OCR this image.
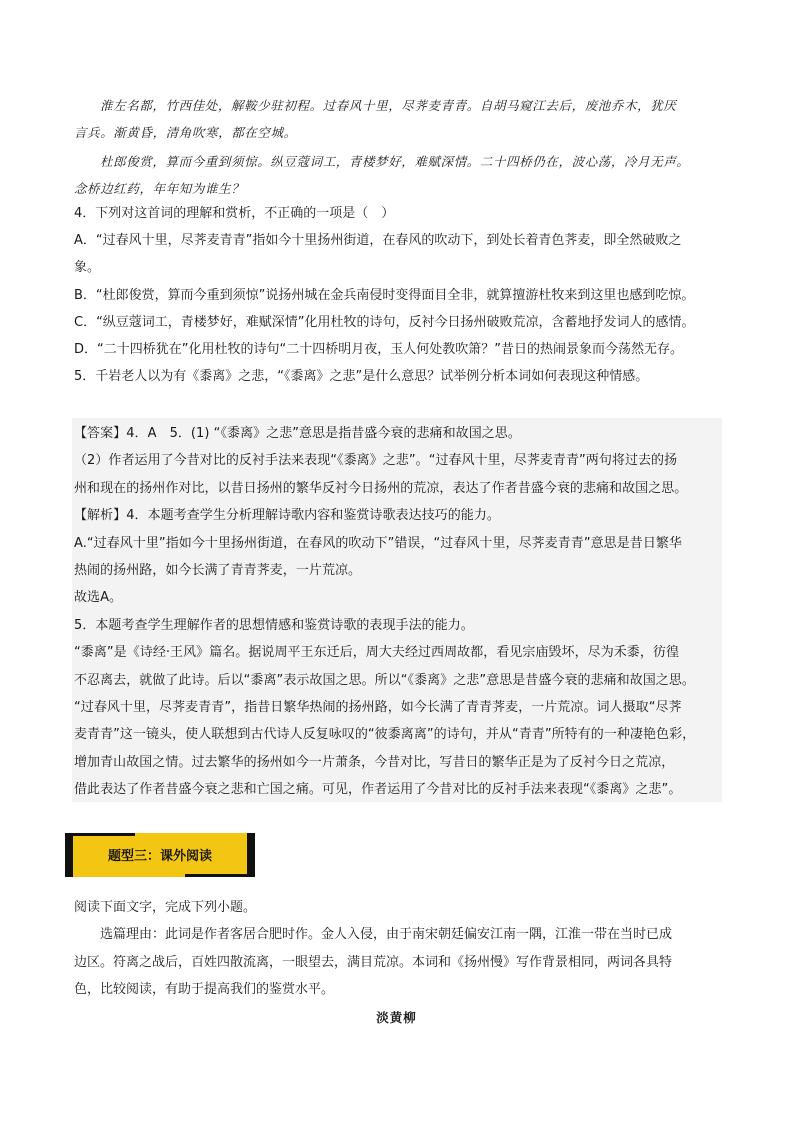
淮左名都，竹西佳处，解鞍少驻初程。过春风十里，尽荠麦青青。自胡马窥江去后，废池乔木，犹厌

言兵。渐黄昏，清角吹寒，都在空城。

杜郎俊赏，算而今重到须惊。纵豆蔻词工，青楼梦好，难赋深情。二十四桥仍在，波心荡，冷月无声。

念桥边红药，年年知为谁生？

4．下列对这首词的理解和赏析，不正确的一项是（　）

A．“过春风十里，尽荠麦青青”指如今十里扬州街道，在春风的吹动下，到处长着青色荠麦，即全然破败之

象。

B．“杜郎俊赏，算而今重到须惊”说扬州城在金兵南侵时变得面目全非，就算擅游杜牧来到这里也感到吃惊。

C．“纵豆蔻词工，青楼梦好，难赋深情”化用杜牧的诗句，反衬今日扬州破败荒凉，含蓄地抒发词人的感情。

D．“二十四桥犹在”化用杜牧的诗句“二十四桥明月夜，玉人何处教吹箫？”昔日的热闹景象而今荡然无存。

5．千岩老人以为有《黍离》之悲，“《黍离》之悲”是什么意思？试举例分析本词如何表现这种情感。

【答案】4．A　5．(1) “《黍离》之悲”意思是指昔盛今衰的悲痛和故国之思。

（2）作者运用了今昔对比的反衬手法来表现“《黍离》之悲”。“过春风十里，尽荠麦青青”两句将过去的扬

州和现在的扬州作对比，以昔日扬州的繁华反衬今日扬州的荒凉，表达了作者昔盛今衰的悲痛和故国之思。

【解析】4．本题考查学生分析理解诗歌内容和鉴赏诗歌表达技巧的能力。

A.“过春风十里”指如今十里扬州街道，在春风的吹动下”错误，“过春风十里，尽荠麦青青”意思是昔日繁华

热闹的扬州路，如今长满了青青荠麦，一片荒凉。

故选A。

5．本题考查学生理解作者的思想情感和鉴赏诗歌的表现手法的能力。

“黍离”是《诗经·王风》篇名。据说周平王东迁后，周大夫经过西周故都，看见宗庙毁坏，尽为禾黍，彷徨

不忍离去，就做了此诗。后以“黍离”表示故国之思。所以“《黍离》之悲”意思是昔盛今衰的悲痛和故国之思。

“过春风十里，尽荠麦青青”，指昔日繁华热闹的扬州路，如今长满了青青荠麦，一片荒凉。词人摄取“尽荠

麦青青”这一镜头，使人联想到古代诗人反复咏叹的“彼黍离离”的诗句，并从“青青”所特有的一种凄艳色彩，

增加青山故国之情。过去繁华的扬州如今一片萧条，今昔对比，写昔日的繁华正是为了反衬今日之荒凉，

借此表达了作者昔盛今衰之悲和亡国之痛。可见，作者运用了今昔对比的反衬手法来表现“《黍离》之悲”。

题型三：课外阅读

阅读下面文字，完成下列小题。

选篇理由：此词是作者客居合肥时作。金人入侵，由于南宋朝廷偏安江南一隅，江淮一带在当时已成

边区。符离之战后，百姓四散流离，一眼望去，满目荒凉。本词和《扬州慢》写作背景相同，两词各具特

色，比较阅读，有助于提高我们的鉴赏水平。

淡黄柳
